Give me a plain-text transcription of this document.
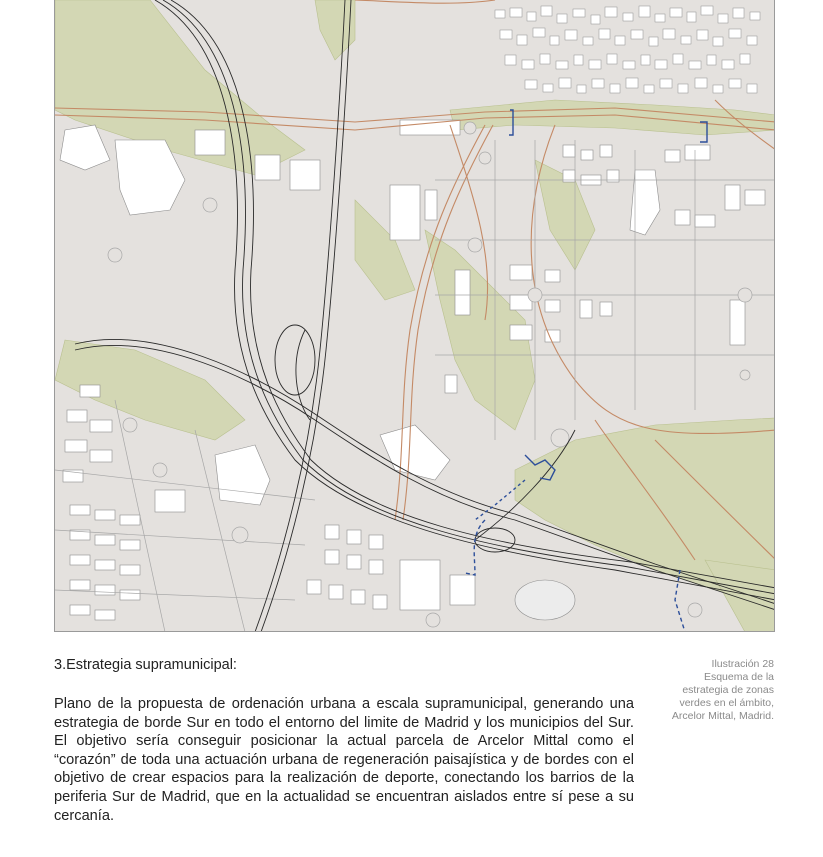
Ilustración 28
Esquema de la
estrategia de zonas
verdes en el ámbito,
Arcelor Mittal, Madrid.
3.Estrategia supramunicipal:

Plano de la propuesta de ordenación urbana a escala supramunicipal, generando una estrategia de borde Sur en todo el entorno del limite de Madrid y los municipios del Sur. El objetivo sería conseguir posicionar la actual parcela de Arcelor Mittal como el “corazón” de toda una actuación urbana de regeneración paisajística y de bordes con el objetivo de crear espacios para la realización de deporte, conectando los barrios de la periferia Sur de Madrid, que en la actualidad se encuentran aislados entre sí pese a su cercanía.
